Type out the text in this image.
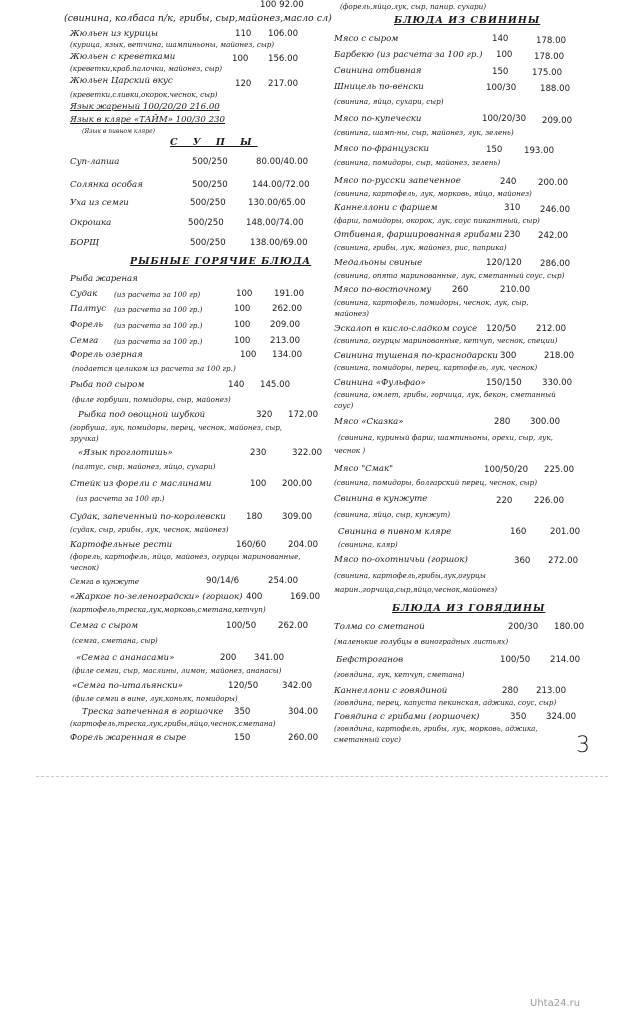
100 92.00
(свинина, колбаса п/к, грибы, сыр,майонез,масло сл)
Жюльен из курицы	110 106.00
(курица, язык, ветчина, шампиньоны, майонез, сыр)
Жюльен с креветками	100 156.00
(креветки,краб.палочки, майонез, сыр)
Жюльен Царский вкус	120 217.00
(креветки,сливки,окорок,чеснок, сыр)
Язык жареный 100/20/20 216.00
Язык в кляре «ТАЙМ» 100/30 230
(Язык в пивном кляре)
С У П Ы
Суп-лапша	500/250	80.00/40.00
Солянка особая	500/250	144.00/72.00
Уха из семги	500/250	130.00/65.00
Окрошка	500/250	148.00/74.00
БОРЩ	500/250	138.00/69.00
РЫБНЫЕ ГОРЯЧИЕ БЛЮДА
Рыба жареная
Судак (из расчета за 100 гр)	100	191.00
Палтус (из расчета за 100 гр.)	100	262.00
Форель (из расчета за 100 гр.)	100 209.00
Семга (из расчета за 100 гр.)	100 213.00
Форель озерная	100 134.00
(подается целиком из расчета за 100 гр.)
Рыба под сыром	140 145.00
(филе горбуши, помидоры, сыр, майонез)
Рыбка под овощной шубкой	320 172.00
(горбуша, лук, помидоры, перец, чеснок, майонез, сыр,
зручка)
«Язык проглотишь»	230	322.00
(палтус, сыр, майонез, яйцо, сухари)
Стейк из форели с маслинами	100 200.00
(из расчета за 100 гр.)
Судак, запеченный по-королевски 180 309.00
(судак, сыр, грибы, лук, чеснок, майонез)
Картофельные рести	160/60	204.00
(форель, картофель, яйцо, майонез, огурцы маринованные,
чеснок)
Семга в кунжуте	90/14/6	254.00
«Жаркое по-зеленоградски» (горшок) 400	169.00
(картофель,треска,лук,морковь,сметана,кетчуп)
Семга с сыром	100/50	262.00
(семга, сметана, сыр)
«Семга с ананасами»	200 341.00
(филе семги, сыр, маслины, лимон, майонез, ананасы)
«Семга по-итальянски»	120/50	342.00
(филе семги в вине, лук,коньяк, помидоры)
Треска запеченная в горшочке 350	304.00
(картофель,треска,лук,грибы,яйцо,чеснок,сметана)
Форель жаренная в сыре	150	260.00
(форель,яйцо,лук, сыр, панир. сухари)
БЛЮДА ИЗ СВИНИНЫ
Мясо с сыром	140	178.00
Барбекю (из расчета за 100 гр.) 100	178.00
Свинина отбивная	150	175.00
Шницель по-венски	100/30	188.00
(свинина, яйцо, сухари, сыр)
Мясо по-купечески	100/20/30 209.00
(свинина, шамп-ны, сыр, майонез, лук, зелень)
Мясо по-французски	150	193.00
(свинина, помидоры, сыр, майонез, зелень)
Мясо по-русски запеченное	240	200.00
(свинина, картофель, лук, морковь, яйцо, майонез)
Каннеллони с фаршем	310 246.00
(фарш, помидоры, окорок, лук, соус пикантный, сыр)
Отбивная, фаршированная грибами 230 242.00
(свинина, грибы, лук, майонез, рис, паприка)
Медальоны свиные	120/120 286.00
(свинина, опята маринованные, лук, сметанный соус, сыр)
Мясо по-восточному 260	210.00
(свинина, картофель, помидоры, чеснок, лук, сыр,
майонез)
Эскалоп в кисло-сладком соусе 120/50 212.00
(свинина, огурцы маринованные, кетчуп, чеснок, специи)
Свинина тушеная по-краснодарски 300	218.00
(свинина, помидоры, перец, картофель, лук, чеснок)
Свинина «Фульфао»	150/150 330.00
(свинина, омлет, грибы, горчица, лук, бекон, сметанный
соус)
Мясо «Сказка»	280 300.00
(свинина, куриный фарш, шампиньоны, орехи, сыр, лук,
чеснок )
Мясо "Смак"	100/50/20 225.00
(свинина, помидоры, болгарский перец, чеснок, сыр)
Свинина в кунжуте	220	226.00
(свинина, яйцо, сыр, кунжут)
Свинина в пивном кляре	160	201.00
(свинина, кляр)
Мясо по-охотничьи (горшок)	360 272.00
(свинина, картофель,грибы,лук,огурцы
марин.,горчица,сыр,яйцо,чеснок,майонез)
БЛЮДА ИЗ ГОВЯДИНЫ
Толма со сметаной	200/30 180.00
(маленькие голубцы в виноградных листьях)
Бефстроганов	100/50 214.00
(говядина, лук, кетчуп, сметана)
Каннеллони с говядиной	280 213.00
(говядина, перец, капуста пекинская, аджика, соус, сыр)
Говядина с грибами (горшочек)	350 324.00
(говядина, картофель, грибы, лук, морковь, аджика,
сметанный соус)	3
Uhta24.ru
